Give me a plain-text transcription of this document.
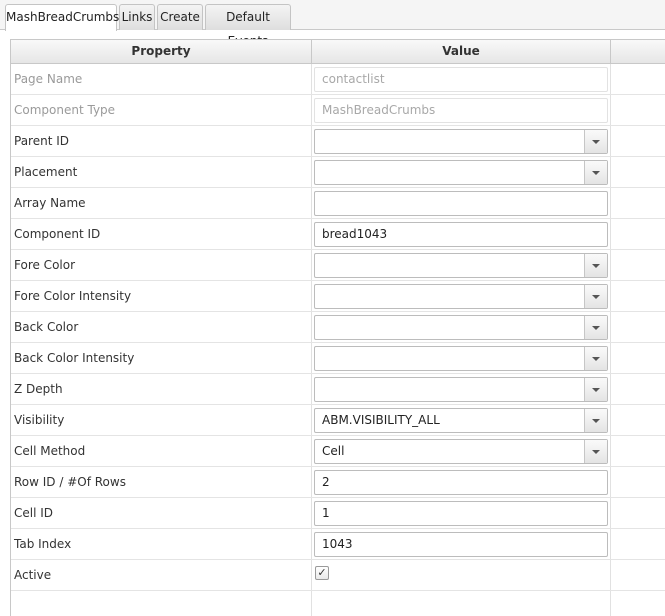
MashBreadCrumbs Links Create	Default
Property	Value
Page Name	contactlist
Component Type	MashBreadCrumbs
Parent ID
Placement
Array Name
Component ID	bread1043
Fore Color
Fore Color Intensity
Back Color
Back Color Intensity
Z Depth
Visibility	ABM.VISIBILITY_ALL
Cell Method	Cell
Row ID / #Of Rows	2
Cell ID	1
Tab Index	1043
Active	✓
